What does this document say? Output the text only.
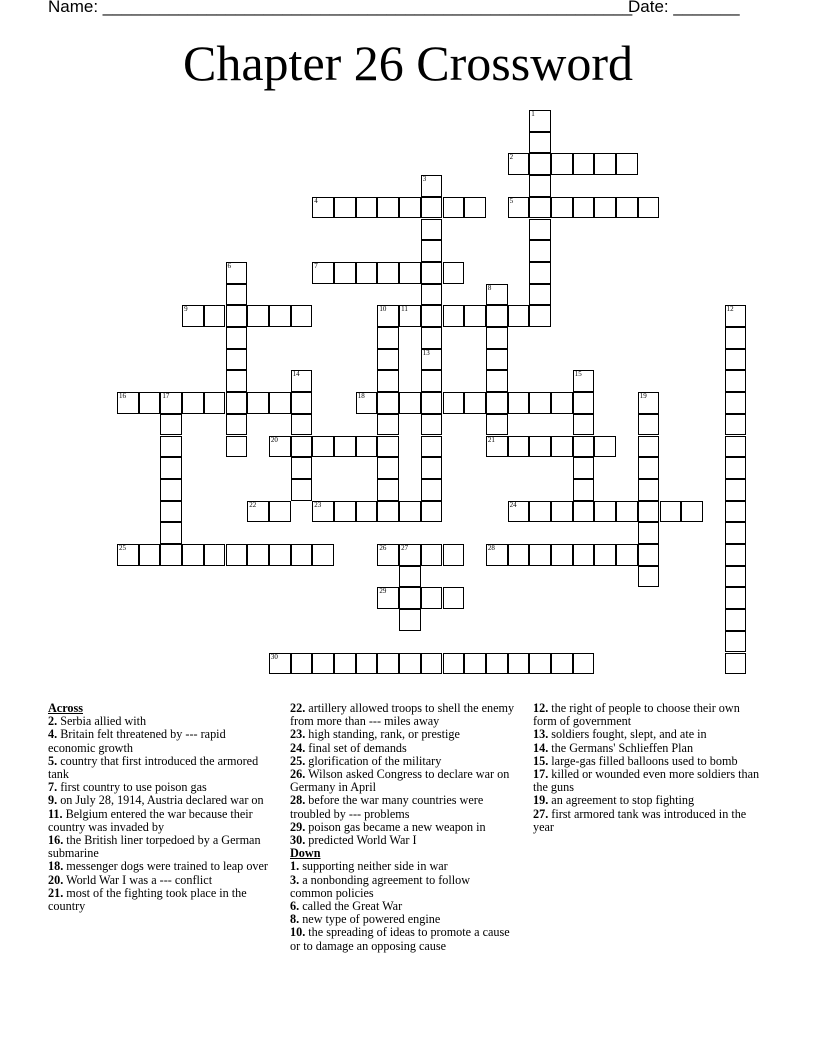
Name: ________________________________________________________
Date: _______
Chapter 26 Crossword
1
2
3
4	5
6	7
8
9	10 11	12
13
14	15
16	17	18	19
20	21
22	23	24
25	26 27	28
29
30
Across
2. Serbia allied with
4. Britain felt threatened by --- rapid economic growth
5. country that first introduced the armored tank
7. first country to use poison gas
9. on July 28, 1914, Austria declared war on
11. Belgium entered the war because their country was invaded by
16. the British liner torpedoed by a German submarine
18. messenger dogs were trained to leap over
20. World War I was a --- conflict
21. most of the fighting took place in the country
22. artillery allowed troops to shell the enemy from more than --- miles away
23. high standing, rank, or prestige
24. final set of demands
25. glorification of the military
26. Wilson asked Congress to declare war on Germany in April
28. before the war many countries were troubled by --- problems
29. poison gas became a new weapon in
30. predicted World War I
Down
1. supporting neither side in war
3. a nonbonding agreement to follow common policies
6. called the Great War
8. new type of powered engine
10. the spreading of ideas to promote a cause or to damage an opposing cause
12. the right of people to choose their own form of government
13. soldiers fought, slept, and ate in
14. the Germans' Schlieffen Plan
15. large-gas filled balloons used to bomb
17. killed or wounded even more soldiers than the guns
19. an agreement to stop fighting
27. first armored tank was introduced in the year
